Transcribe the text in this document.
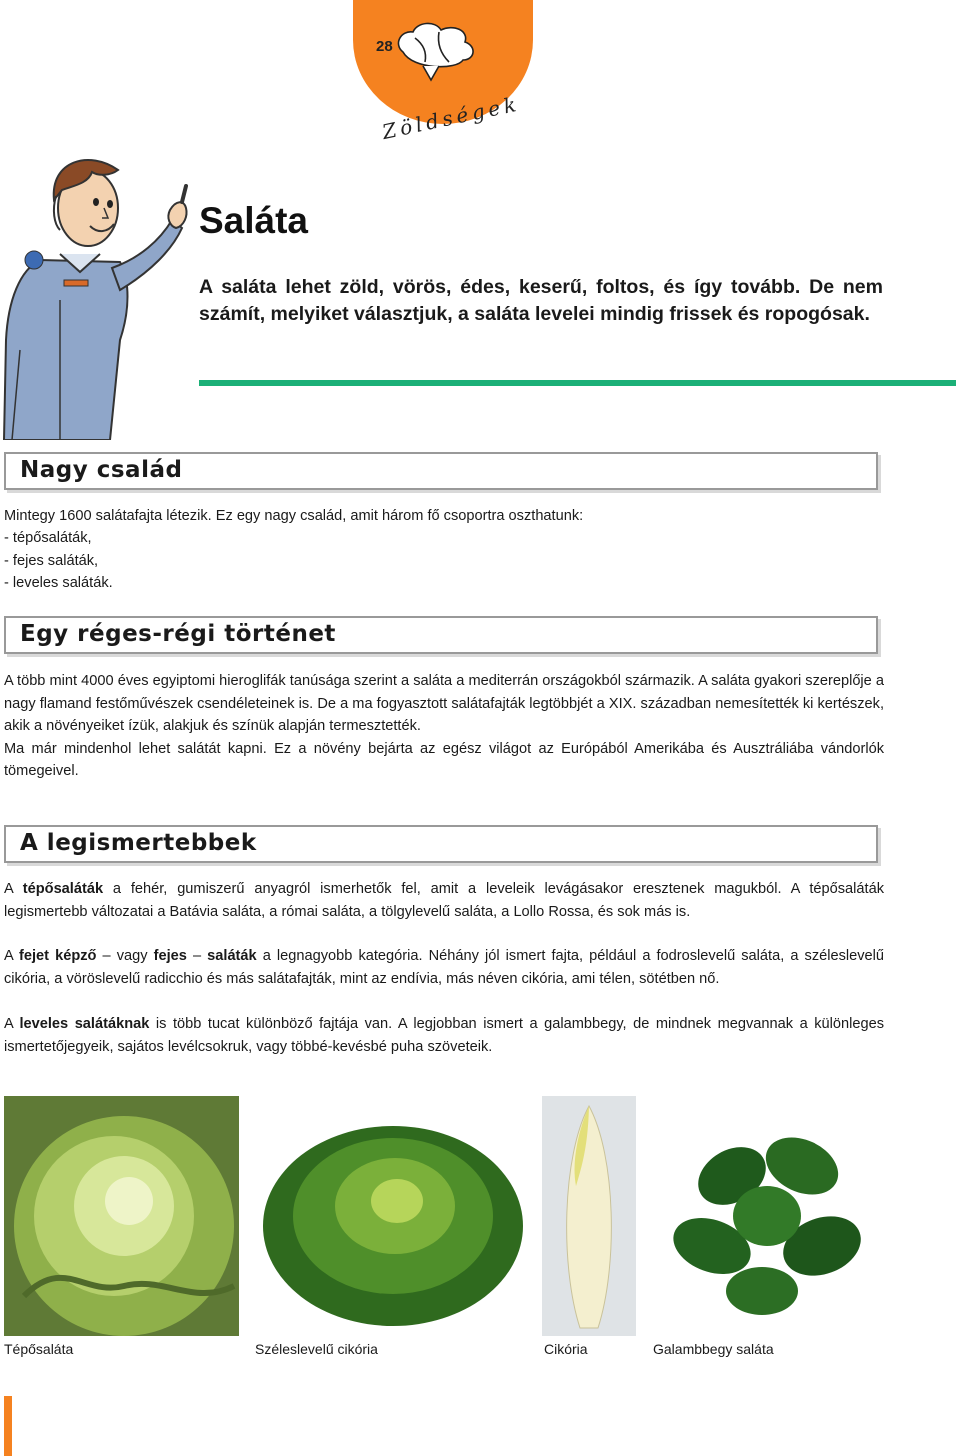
28
Zöldségek
Saláta

A saláta lehet zöld, vörös, édes, keserű, foltos, és így tovább. De nem számít, melyiket választjuk, a saláta levelei mindig frissek és ropogósak.

Nagy család

Mintegy 1600 salátafajta létezik. Ez egy nagy család, amit három fő csoportra oszthatunk:

- tépősaláták,

- fejes saláták,

- leveles saláták.

Egy réges-régi történet

A több mint 4000 éves egyiptomi hieroglifák tanúsága szerint a saláta a mediterrán országokból származik. A saláta gyakori szereplője a nagy flamand festőművészek csendéleteinek is. De a ma fogyasztott salátafajták legtöbbjét a XIX. században nemesítették ki kertészek, akik a növényeiket ízük, alakjuk és színük alapján termesztették.

Ma már mindenhol lehet salátát kapni. Ez a növény bejárta az egész világot az Európából Amerikába és Ausztráliába vándorlók tömegeivel.

A legismertebbek

A tépősaláták a fehér, gumiszerű anyagról ismerhetők fel, amit a leveleik levágásakor eresztenek magukból. A tépősaláták legismertebb változatai a Batávia saláta, a római saláta, a tölgylevelű saláta, a Lollo Rossa, és sok más is.

A fejet képző – vagy fejes – saláták a legnagyobb kategória. Néhány jól ismert fajta, például a fodroslevelű saláta, a széleslevelű cikória, a vöröslevelű radicchio és más salátafajták, mint az endívia, más néven cikória, ami télen, sötétben nő.

A leveles salátáknak is több tucat különböző fajtája van. A legjobban ismert a galambbegy, de mindnek megvannak a különleges ismertetőjegyeik, sajátos levélcsokruk, vagy többé-kevésbé puha szöveteik.

Tépősaláta	Széleslevelű cikória	Cikória	Galambbegy saláta
